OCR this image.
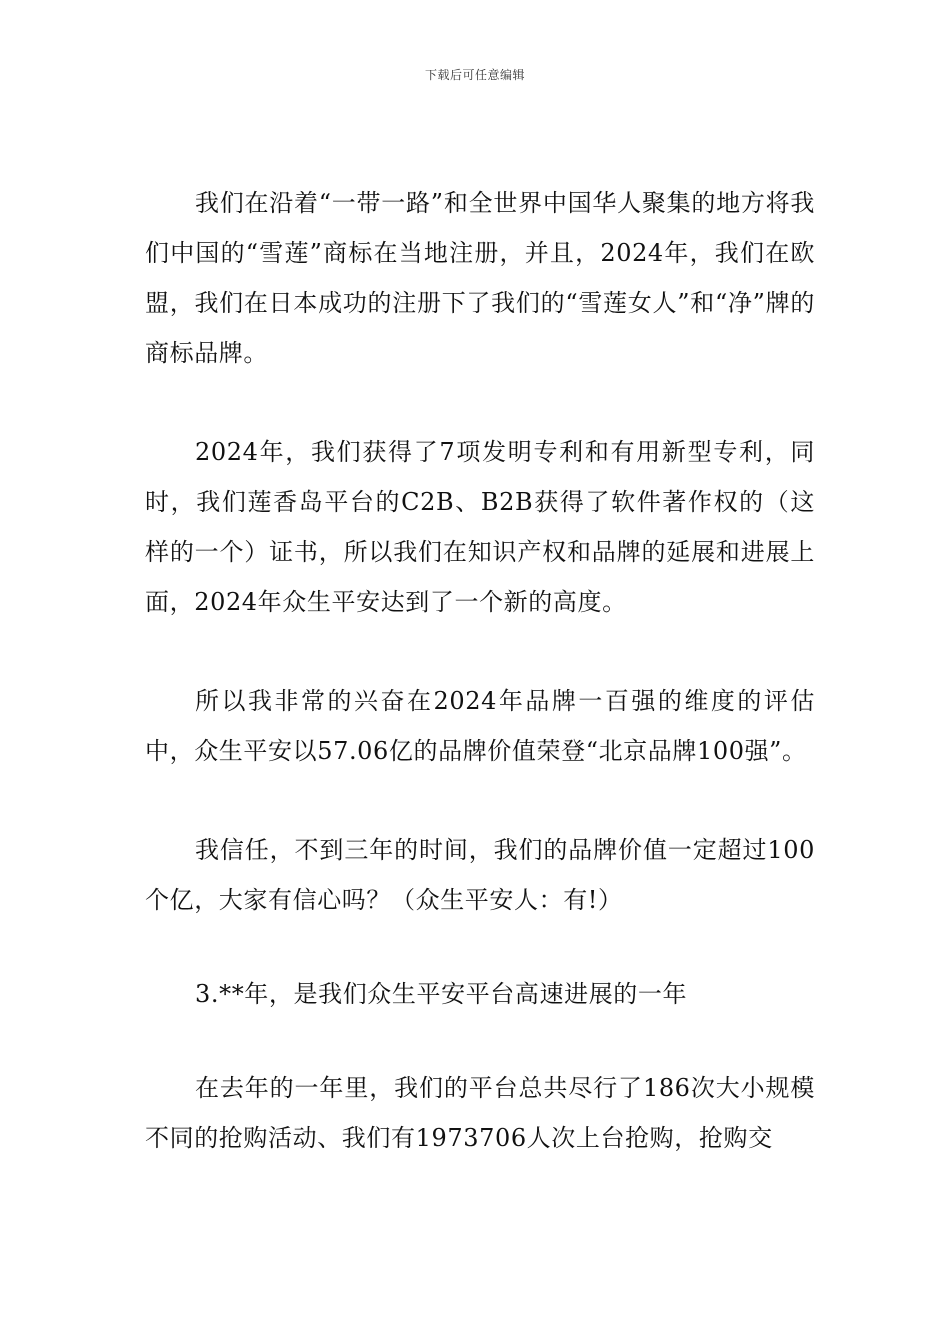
下载后可任意编辑

我们在沿着“一带一路”和全世界中国华人聚集的地方将我们中国的“雪莲”商标在当地注册，并且，2024年，我们在欧盟，我们在日本成功的注册下了我们的“雪莲女人”和“净”牌的商标品牌。

2024年，我们获得了7项发明专利和有用新型专利，同时，我们莲香岛平台的C2B、B2B获得了软件著作权的（这样的一个）证书，所以我们在知识产权和品牌的延展和进展上面，2024年众生平安达到了一个新的高度。

所以我非常的兴奋在2024年品牌一百强的维度的评估中，众生平安以57.06亿的品牌价值荣登“北京品牌100强”。

我信任，不到三年的时间，我们的品牌价值一定超过100个亿，大家有信心吗？（众生平安人：有!）

3.**年，是我们众生平安平台高速进展的一年

在去年的一年里，我们的平台总共尽行了186次大小规模不同的抢购活动、我们有1973706人次上台抢购，抢购交
